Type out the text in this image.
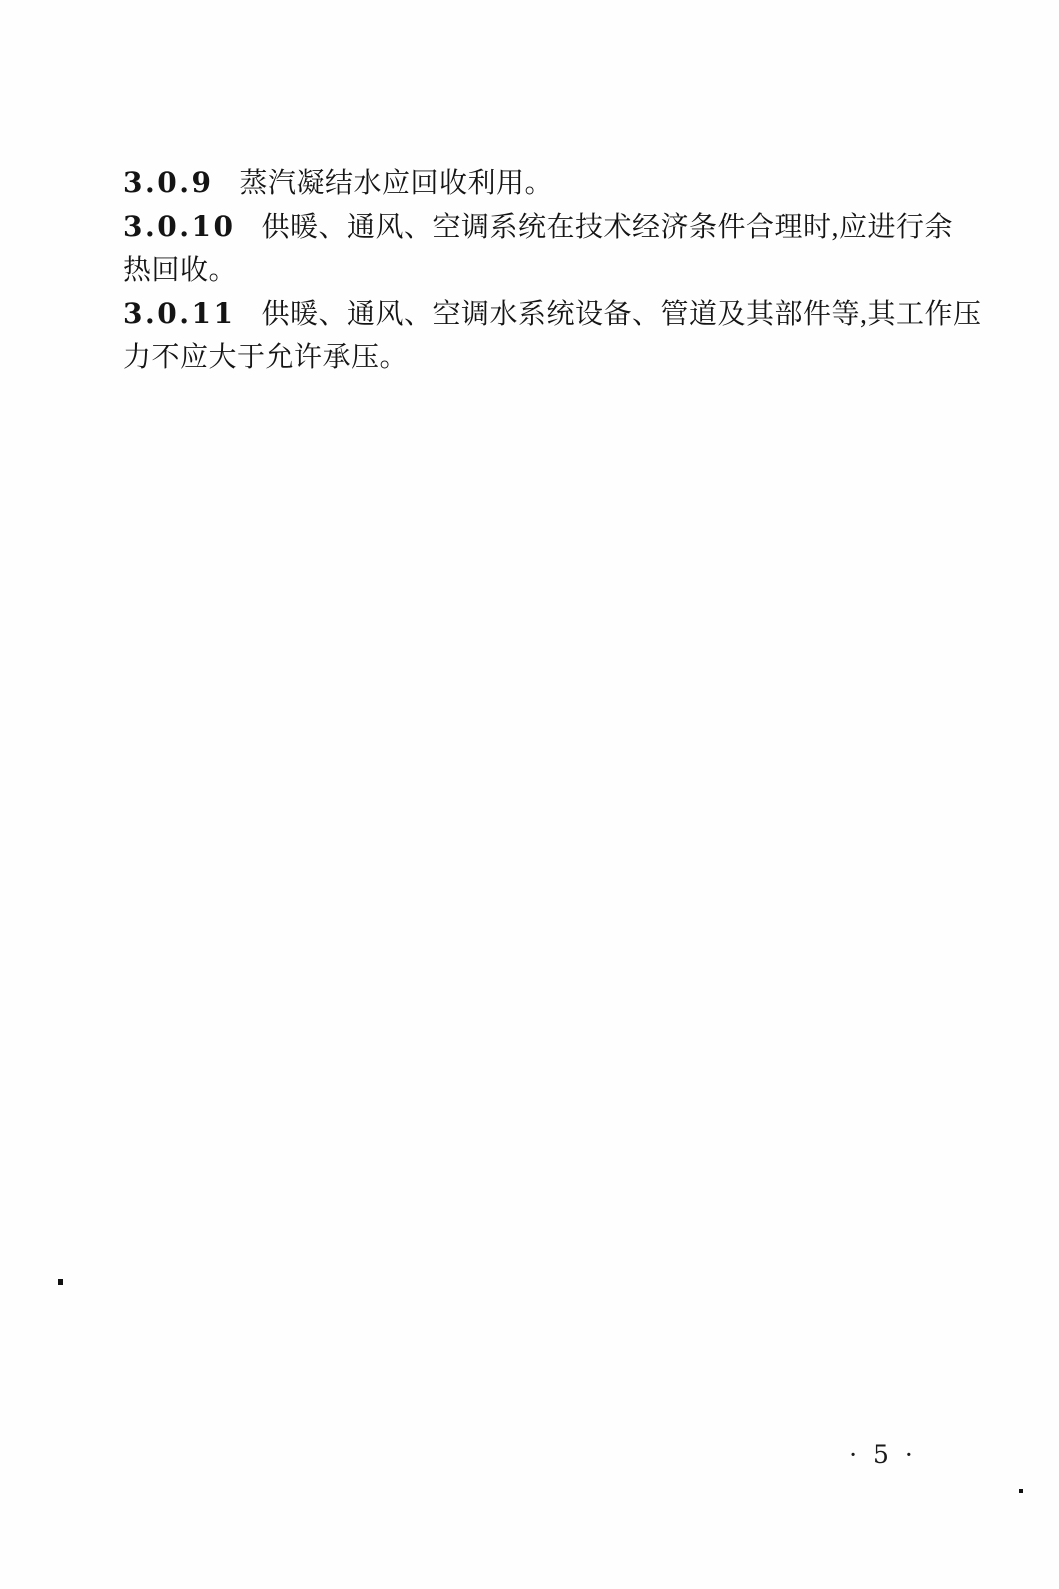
3.0.9 蒸汽凝结水应回收利用。

3.0.10 供暖、通风、空调系统在技术经济条件合理时,应进行余

热回收。

3.0.11 供暖、通风、空调水系统设备、管道及其部件等,其工作压

力不应大于允许承压。

· 5 ·
